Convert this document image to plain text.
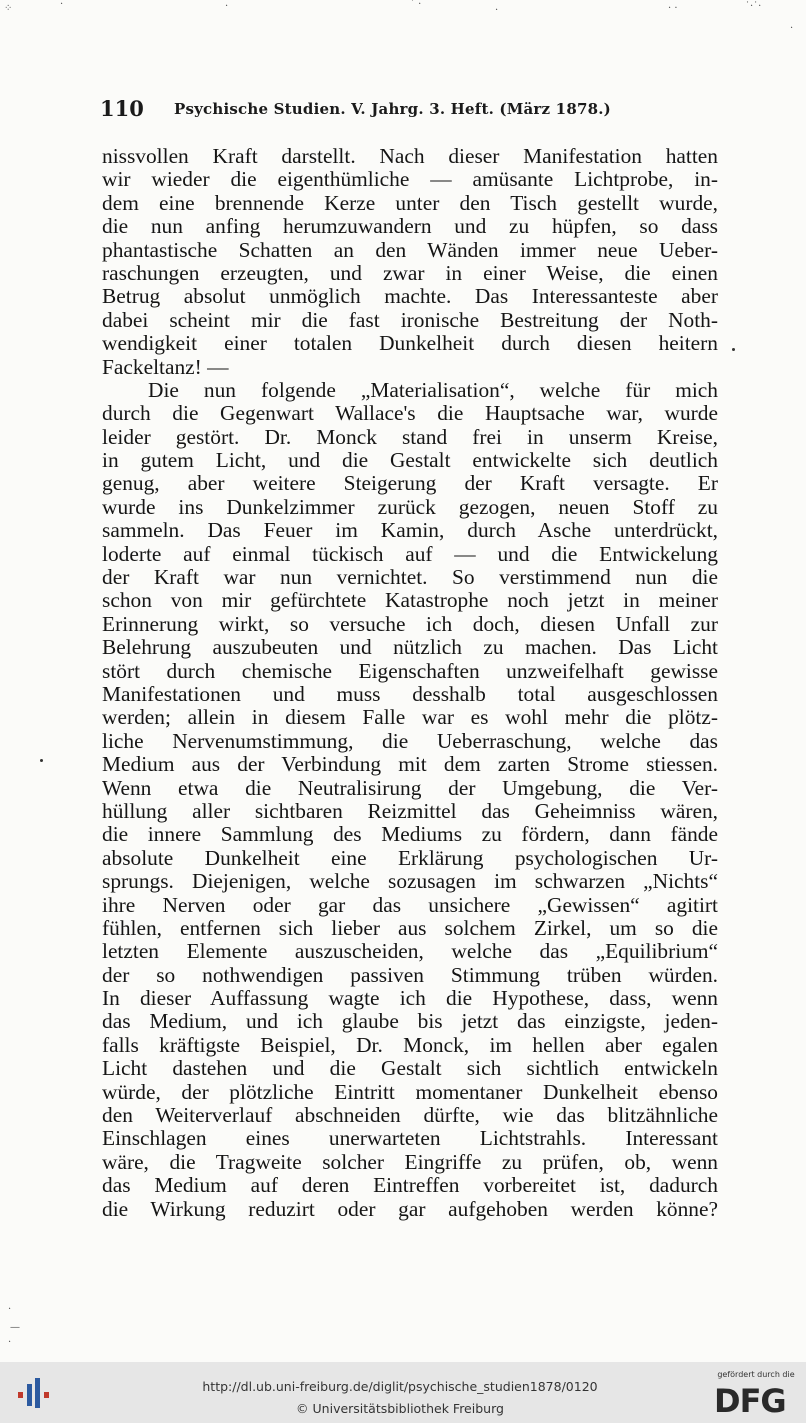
⁘	·	·	˙ ·
·	· ·	˙·˙·
·
·
—
·
110 Psychische Studien. V. Jahrg. 3. Heft. (März 1878.)
nissvollen Kraft darstellt. Nach dieser Manifestation hatten
wir wieder die eigenthümliche — amüsante Lichtprobe, in-
dem eine brennende Kerze unter den Tisch gestellt wurde,
die nun anfing herumzuwandern und zu hüpfen, so dass
phantastische Schatten an den Wänden immer neue Ueber-
raschungen erzeugten, und zwar in einer Weise, die einen
Betrug absolut unmöglich machte. Das Interessanteste aber
dabei scheint mir die fast ironische Bestreitung der Noth-
wendigkeit einer totalen Dunkelheit durch diesen heitern
Fackeltanz! —
Die nun folgende „Materialisation“, welche für mich
durch die Gegenwart Wallace's die Hauptsache war, wurde
leider gestört. Dr. Monck stand frei in unserm Kreise,
in gutem Licht, und die Gestalt entwickelte sich deutlich
genug, aber weitere Steigerung der Kraft versagte. Er
wurde ins Dunkelzimmer zurück gezogen, neuen Stoff zu
sammeln. Das Feuer im Kamin, durch Asche unterdrückt,
loderte auf einmal tückisch auf — und die Entwickelung
der Kraft war nun vernichtet. So verstimmend nun die
schon von mir gefürchtete Katastrophe noch jetzt in meiner
Erinnerung wirkt, so versuche ich doch, diesen Unfall zur
Belehrung auszubeuten und nützlich zu machen. Das Licht
stört durch chemische Eigenschaften unzweifelhaft gewisse
Manifestationen und muss desshalb total ausgeschlossen
werden; allein in diesem Falle war es wohl mehr die plötz-
liche Nervenumstimmung, die Ueberraschung, welche das
Medium aus der Verbindung mit dem zarten Strome stiessen.
Wenn etwa die Neutralisirung der Umgebung, die Ver-
hüllung aller sichtbaren Reizmittel das Geheimniss wären,
die innere Sammlung des Mediums zu fördern, dann fände
absolute Dunkelheit eine Erklärung psychologischen Ur-
sprungs. Diejenigen, welche sozusagen im schwarzen „Nichts“
ihre Nerven oder gar das unsichere „Gewissen“ agitirt
fühlen, entfernen sich lieber aus solchem Zirkel, um so die
letzten Elemente auszuscheiden, welche das „Equilibrium“
der so nothwendigen passiven Stimmung trüben würden.
In dieser Auffassung wagte ich die Hypothese, dass, wenn
das Medium, und ich glaube bis jetzt das einzigste, jeden-
falls kräftigste Beispiel, Dr. Monck, im hellen aber egalen
Licht dastehen und die Gestalt sich sichtlich entwickeln
würde, der plötzliche Eintritt momentaner Dunkelheit ebenso
den Weiterverlauf abschneiden dürfte, wie das blitzähnliche
Einschlagen eines unerwarteten Lichtstrahls. Interessant
wäre, die Tragweite solcher Eingriffe zu prüfen, ob, wenn
das Medium auf deren Eintreffen vorbereitet ist, dadurch
die Wirkung reduzirt oder gar aufgehoben werden könne?
http://dl.ub.uni-freiburg.de/diglit/psychische_studien1878/0120
© Universitätsbibliothek Freiburg
gefördert durch die
DFG
